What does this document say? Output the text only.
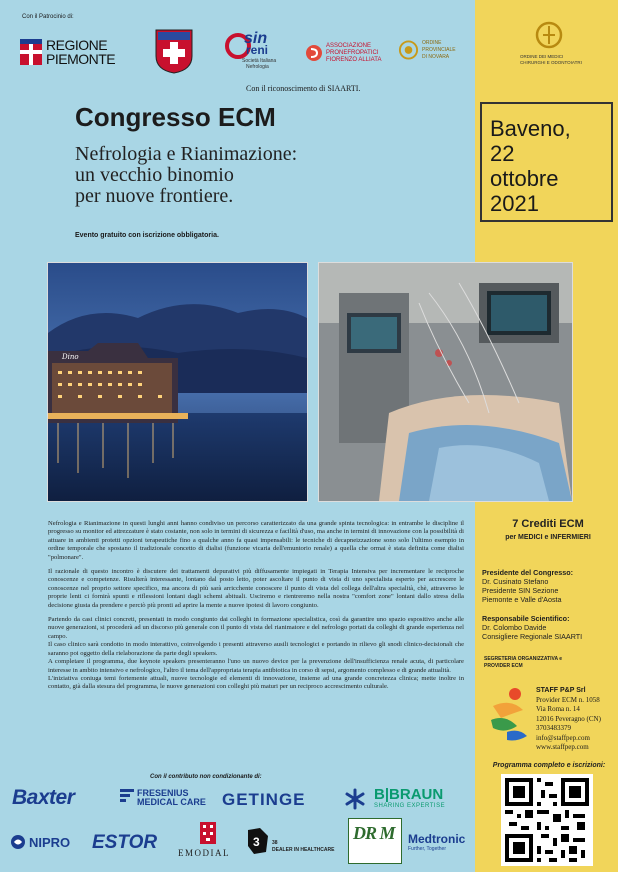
Con il Patrocinio di:
REGIONE
PIEMONTE	ASL
sin
reni
Società Italiana
Nefrologia
ASSOCIAZIONE
PRONEFROPATICI
FIORENZO ALLIATA
ORDINE PROVINCIALE
DI NOVARA	ORDINE DEI MEDICI
CHIRURGHI E ODONTOIATRI
Con il riconoscimento di SIAARTI.
Congresso ECM
Nefrologia e Rianimazione:
un vecchio binomio
per nuove frontiere.
Evento gratuito con iscrizione obbligatoria.
Baveno,
22
ottobre
2021
Dino

Nefrologia e Rianimazione in questi lunghi anni hanno condiviso un percorso caratterizzato da una grande spinta tecnologica: in entrambe le discipline il progresso su monitor ed attrezzature è stato costante, non solo in termini di sicurezza e facilità d'uso, ma anche in termini di innovazione con la possibilità di attuare in ambienti protetti opzioni terapeutiche fino a qualche anno fa quasi impensabili: le tecniche di decapneizzazione sono solo l'ultimo esempio in ordine temporale che spostano il tradizionale concetto di dialisi (funzione vicaria dell'emuntorio renale) a quella che ormai è stata definita come dialisi "polmonare".

Il razionale di questo incontro è discutere dei trattamenti depurativi più diffusamente impiegati in Terapia Intensiva per incrementare le reciproche conoscenze e competenze. Risulterà interessante, lontano dal posto letto, poter ascoltare il punto di vista di uno specialista esperto per accrescere le conoscenze nel proprio settore specifico, ma ancora di più sarà arricchente conoscere il punto di vista del collega dell'altra specialità, chè, attraverso le proprie lenti ci fornirà spunti e riflessioni lontani dagli schemi abituali. Usciremo e rientreremo nella nostra "comfort zone" lontani dallo stress della decisione giusta da prendere e perciò più pronti ad aprire la mente a nuove ipotesi di lavoro congiunto.

Partendo da casi clinici concreti, presentati in modo congiunto dai colleghi in formazione specialistica, così da garantire uno spazio espositivo anche alle nuove generazioni, si procederà ad un discorso più generale con il punto di vista del rianimatore e del nefrologo portati da colleghi di grande esperienza nel campo.

Il caso clinico sarà condotto in modo interattivo, coinvolgendo i presenti attraverso ausili tecnologici e portando in rilievo gli snodi clinico-decisionali che saranno poi oggetto della rielaborazione da parte degli speakers.

A completare il programma, due keynote speakers presenteranno l'uno un nuovo device per la prevenzione dell'insufficienza renale acuta, di particolare interesse in ambito intensivo e nefrologico, l'altro il tema dell'appropriata terapia antibiotica in corso di sepsi, argomento complesso e di grande attualità.

L'iniziativa coniuga temi fortemente attuali, nuove tecnologie ed elementi di innovazione, insieme ad una grande concretezza clinica; mette inoltre in contatto, già dalla stesura del programma, le nuove generazioni con colleghi più maturi per un reciproco accrescimento culturale.

7 Crediti ECM
per MEDICI e INFERMIERI
Presidente del Congresso:
Dr. Cusinato Stefano
Presidente SIN Sezione
Piemonte e Valle d'Aosta
Responsabile Scientifico:
Dr. Colombo Davide
Consigliere Regionale SIAARTI
SEGRETERIA ORGANIZZATIVA e
PROVIDER ECM
STAFF P&P Srl
Provider ECM n. 1058
Via Roma n. 14
12016 Peveragno (CN)
3703483379
info@staffpep.com
www.staffpep.com
Programma completo e iscrizioni:
Con il contributo non condizionante di:
Baxter	FRESENIUS
MEDICAL CARE GETINGE	B|BRAUN
SHARING EXPERTISE
NIPRO ESTOR EMODIAL
3 38
DEALER IN HEALTHCARE
DR M Medtronic
Further, Together
